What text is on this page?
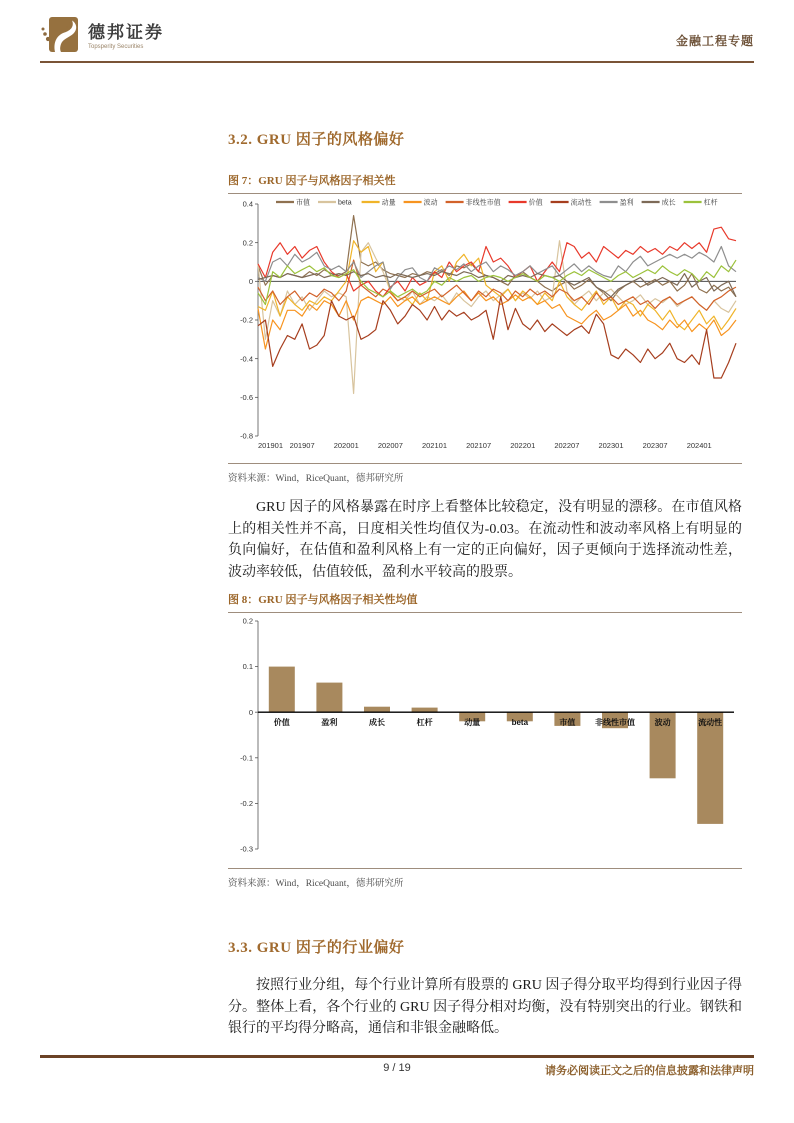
德邦证券
Topsperity Securities	金融工程专题
3.2. GRU 因子的风格偏好
图 7：GRU 因子与风格因子相关性
0.4
0.2
0
-0.2
-0.4
-0.6
-0.8
201901 201907	202001	202007	202101	202107	202201	202207	202301	202307	202401
市值	beta	动量	波动	非线性市值	价值	流动性	盈利	成长	杠杆
资料来源：Wind，RiceQuant，德邦研究所

GRU 因子的风格暴露在时序上看整体比较稳定，没有明显的漂移。在市值风格上的相关性并不高，日度相关性均值仅为-0.03。在流动性和波动率风格上有明显的负向偏好，在估值和盈利风格上有一定的正向偏好，因子更倾向于选择流动性差，波动率较低，估值较低，盈利水平较高的股票。

图 8：GRU 因子与风格因子相关性均值
0.2
0.1
0
-0.1
-0.2
-0.3
价值	盈利	成长	杠杆	动量	beta	市值 非线性市值 波动	流动性
资料来源：Wind，RiceQuant，德邦研究所
3.3. GRU 因子的行业偏好

按照行业分组，每个行业计算所有股票的 GRU 因子得分取平均得到行业因子得分。整体上看，各个行业的 GRU 因子得分相对均衡，没有特别突出的行业。钢铁和银行的平均得分略高，通信和非银金融略低。

9 / 19	请务必阅读正文之后的信息披露和法律声明
